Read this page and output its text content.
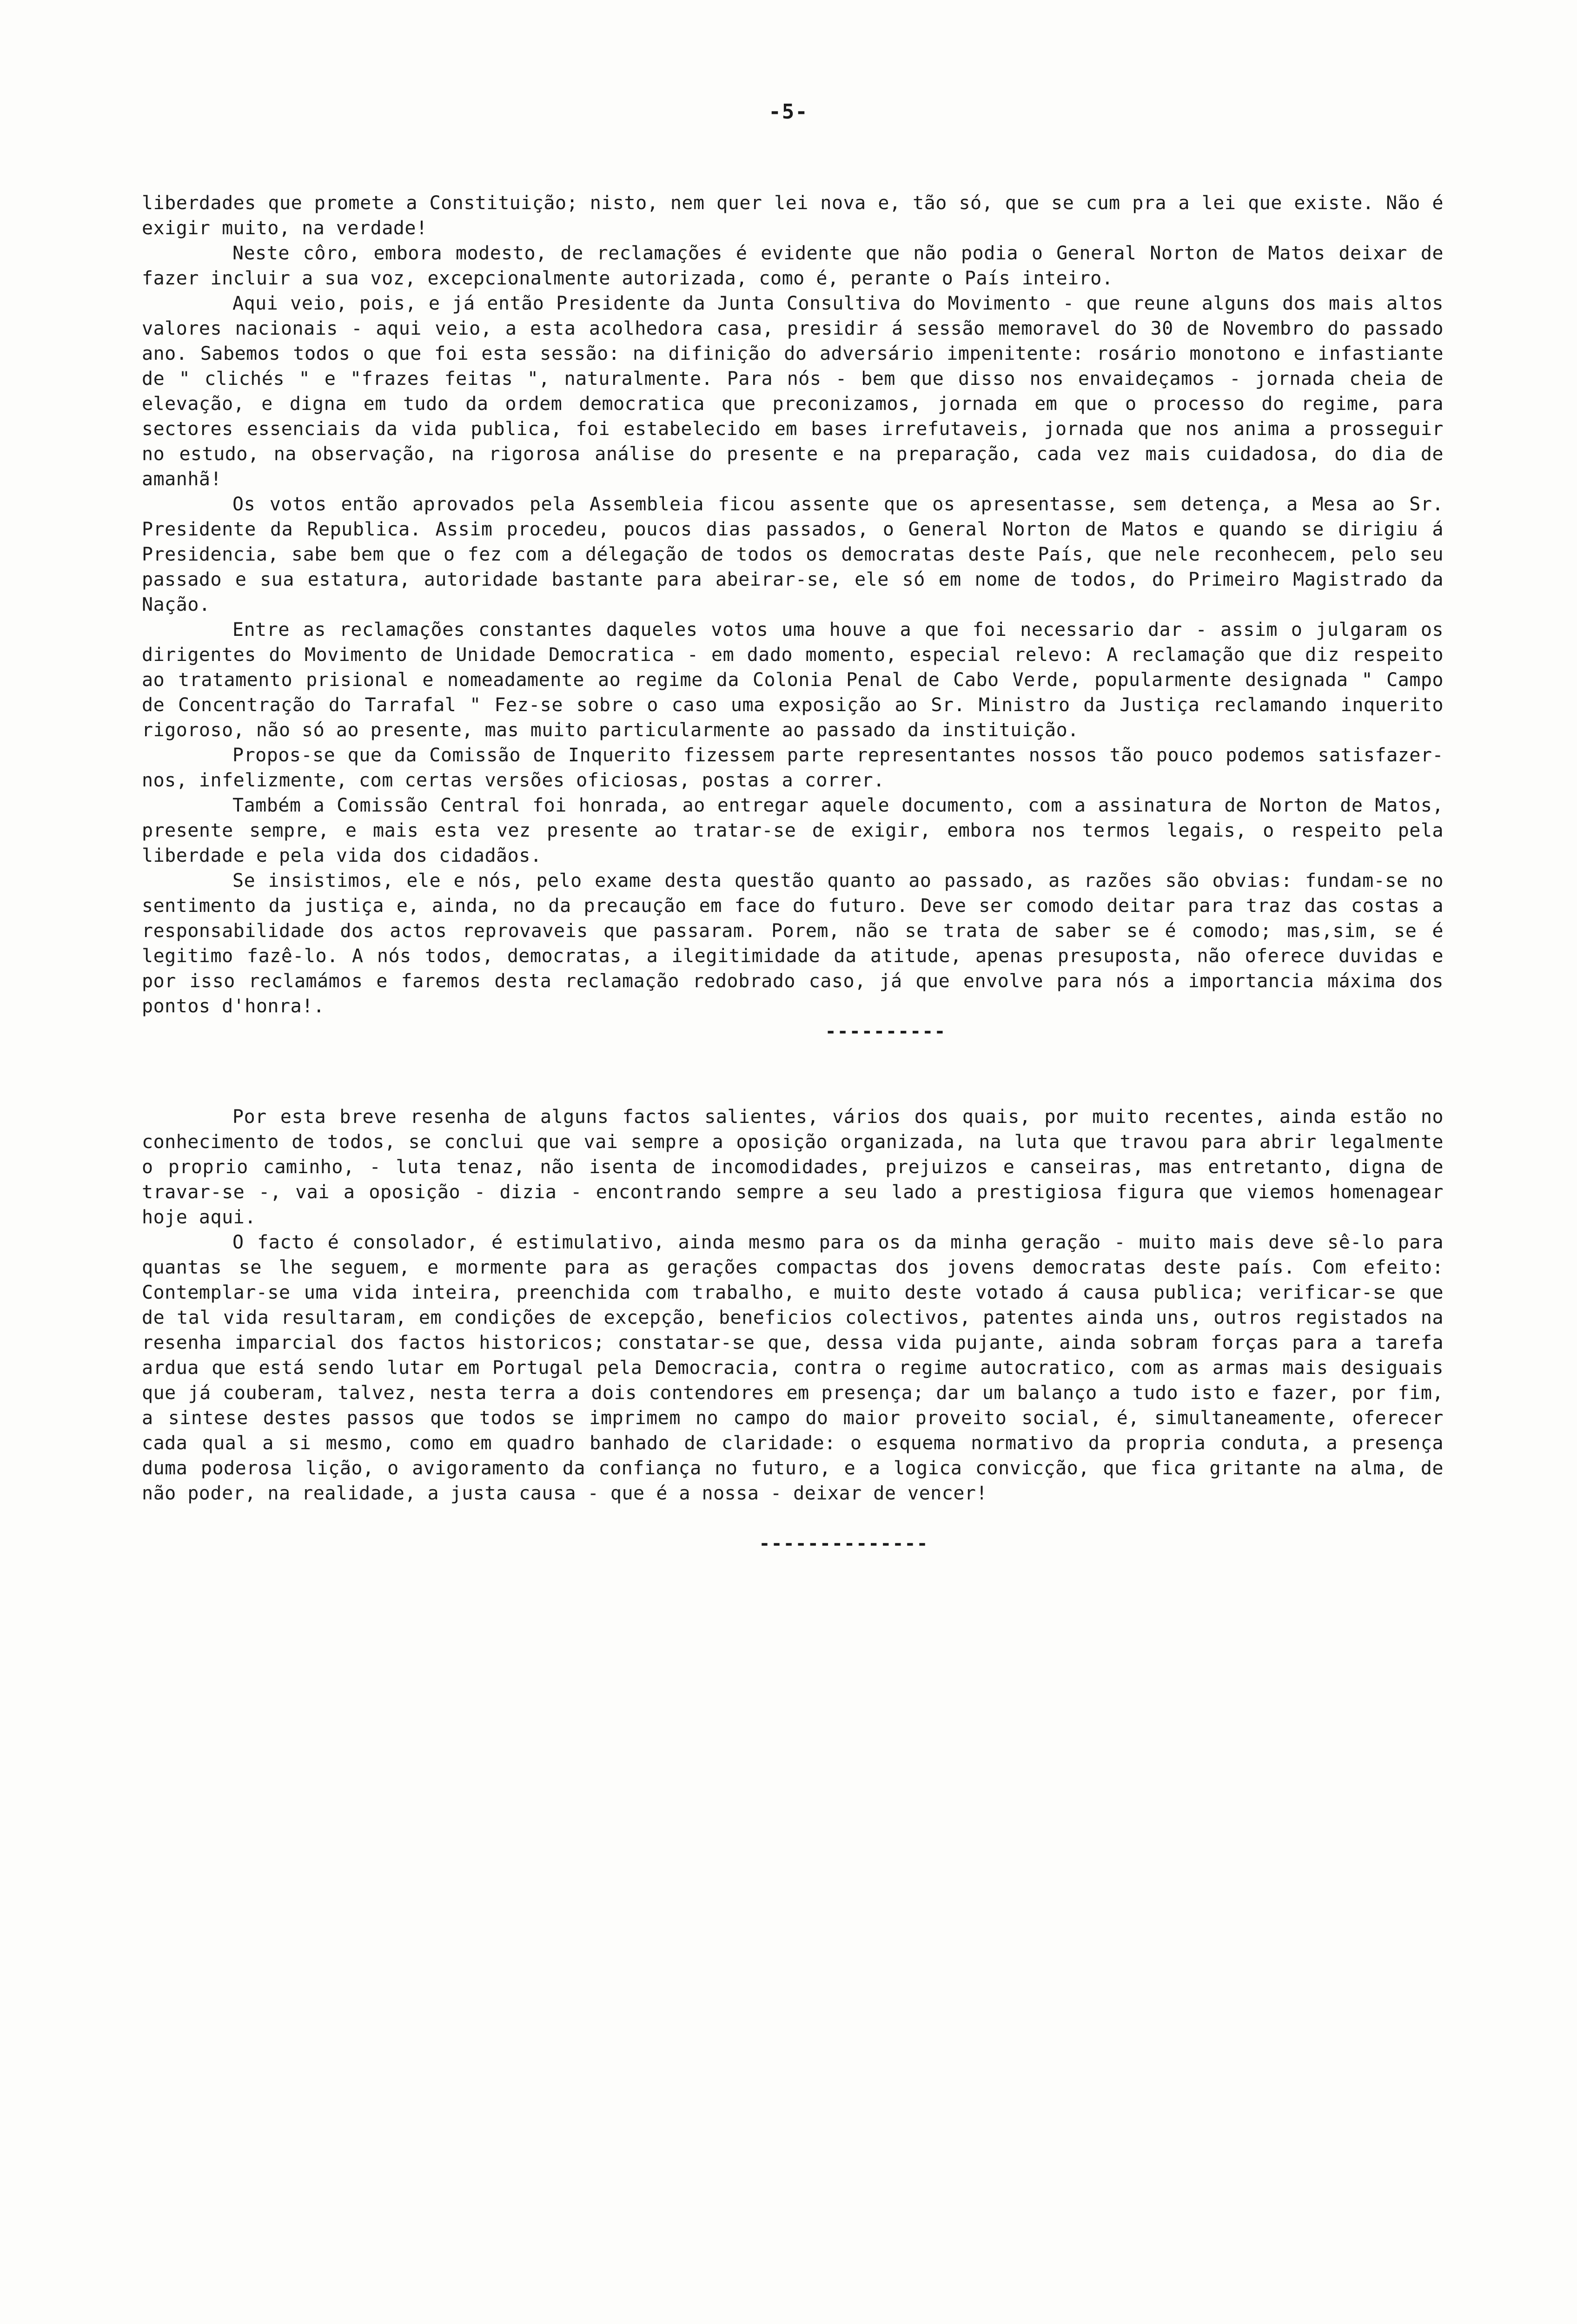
-5-

liberdades que promete a Constituição; nisto, nem quer lei nova e, tão só, que se cum pra a lei que existe. Não é exigir muito, na verdade!

Neste côro, embora modesto, de reclamações é evidente que não podia o General Norton de Matos deixar de fazer incluir a sua voz, excepcionalmente autorizada, como é, perante o País inteiro.

Aqui veio, pois, e já então Presidente da Junta Consultiva do Movimento - que reune alguns dos mais altos valores nacionais - aqui veio, a esta acolhedora casa, presidir á sessão memoravel do 30 de Novembro do passado ano. Sabemos todos o que foi esta sessão: na difinição do adversário impenitente: rosário monotono e infastiante de " clichés " e "frazes feitas ", naturalmente. Para nós - bem que disso nos envaideçamos - jornada cheia de elevação, e digna em tudo da ordem democratica que preconizamos, jornada em que o processo do regime, para sectores essenciais da vida publica, foi estabelecido em bases irrefutaveis, jornada que nos anima a prosseguir no estudo, na observação, na rigorosa análise do presente e na preparação, cada vez mais cuidadosa, do dia de amanhã!

Os votos então aprovados pela Assembleia ficou assente que os apresentasse, sem detença, a Mesa ao Sr. Presidente da Republica. Assim procedeu, poucos dias passados, o General Norton de Matos e quando se dirigiu á Presidencia, sabe bem que o fez com a délegação de todos os democratas deste País, que nele reconhecem, pelo seu passado e sua estatura, autoridade bastante para abeirar-se, ele só em nome de todos, do Primeiro Magistrado da Nação.

Entre as reclamações constantes daqueles votos uma houve a que foi necessario dar - assim o julgaram os dirigentes do Movimento de Unidade Democratica - em dado momento, especial relevo: A reclamação que diz respeito ao tratamento prisional e nomeadamente ao regime da Colonia Penal de Cabo Verde, popularmente designada " Campo de Concentração do Tarrafal " Fez-se sobre o caso uma exposição ao Sr. Ministro da Justiça reclamando inquerito rigoroso, não só ao presente, mas muito particularmente ao passado da instituição.

Propos-se que da Comissão de Inquerito fizessem parte representantes nossos tão pouco podemos satisfazer-nos, infelizmente, com certas versões oficiosas, postas a correr.

Também a Comissão Central foi honrada, ao entregar aquele documento, com a assinatura de Norton de Matos, presente sempre, e mais esta vez presente ao tratar-se de exigir, embora nos termos legais, o respeito pela liberdade e pela vida dos cidadãos.

Se insistimos, ele e nós, pelo exame desta questão quanto ao passado, as razões são obvias: fundam-se no sentimento da justiça e, ainda, no da precaução em face do futuro. Deve ser comodo deitar para traz das costas a responsabilidade dos actos reprovaveis que passaram. Porem, não se trata de saber se é comodo; mas,sim, se é legitimo fazê-lo. A nós todos, democratas, a ilegitimidade da atitude, apenas presuposta, não oferece duvidas e por isso reclamámos e faremos desta reclamação redobrado caso, já que envolve para nós a importancia máxima dos pontos d'honra!.

----------

Por esta breve resenha de alguns factos salientes, vários dos quais, por muito recentes, ainda estão no conhecimento de todos, se conclui que vai sempre a oposição organizada, na luta que travou para abrir legalmente o proprio caminho, - luta tenaz, não isenta de incomodidades, prejuizos e canseiras, mas entretanto, digna de travar-se -, vai a oposição - dizia - encontrando sempre a seu lado a prestigiosa figura que viemos homenagear hoje aqui.

O facto é consolador, é estimulativo, ainda mesmo para os da minha geração - muito mais deve sê-lo para quantas se lhe seguem, e mormente para as gerações compactas dos jovens democratas deste país. Com efeito: Contemplar-se uma vida inteira, preenchida com trabalho, e muito deste votado á causa publica; verificar-se que de tal vida resultaram, em condições de excepção, beneficios colectivos, patentes ainda uns, outros registados na resenha imparcial dos factos historicos; constatar-se que, dessa vida pujante, ainda sobram forças para a tarefa ardua que está sendo lutar em Portugal pela Democracia, contra o regime autocratico, com as armas mais desiguais que já couberam, talvez, nesta terra a dois contendores em presença; dar um balanço a tudo isto e fazer, por fim, a sintese destes passos que todos se imprimem no campo do maior proveito social, é, simultaneamente, oferecer cada qual a si mesmo, como em quadro banhado de claridade: o esquema normativo da propria conduta, a presença duma poderosa lição, o avigoramento da confiança no futuro, e a logica convicção, que fica gritante na alma, de não poder, na realidade, a justa causa - que é a nossa - deixar de vencer!

--------------
